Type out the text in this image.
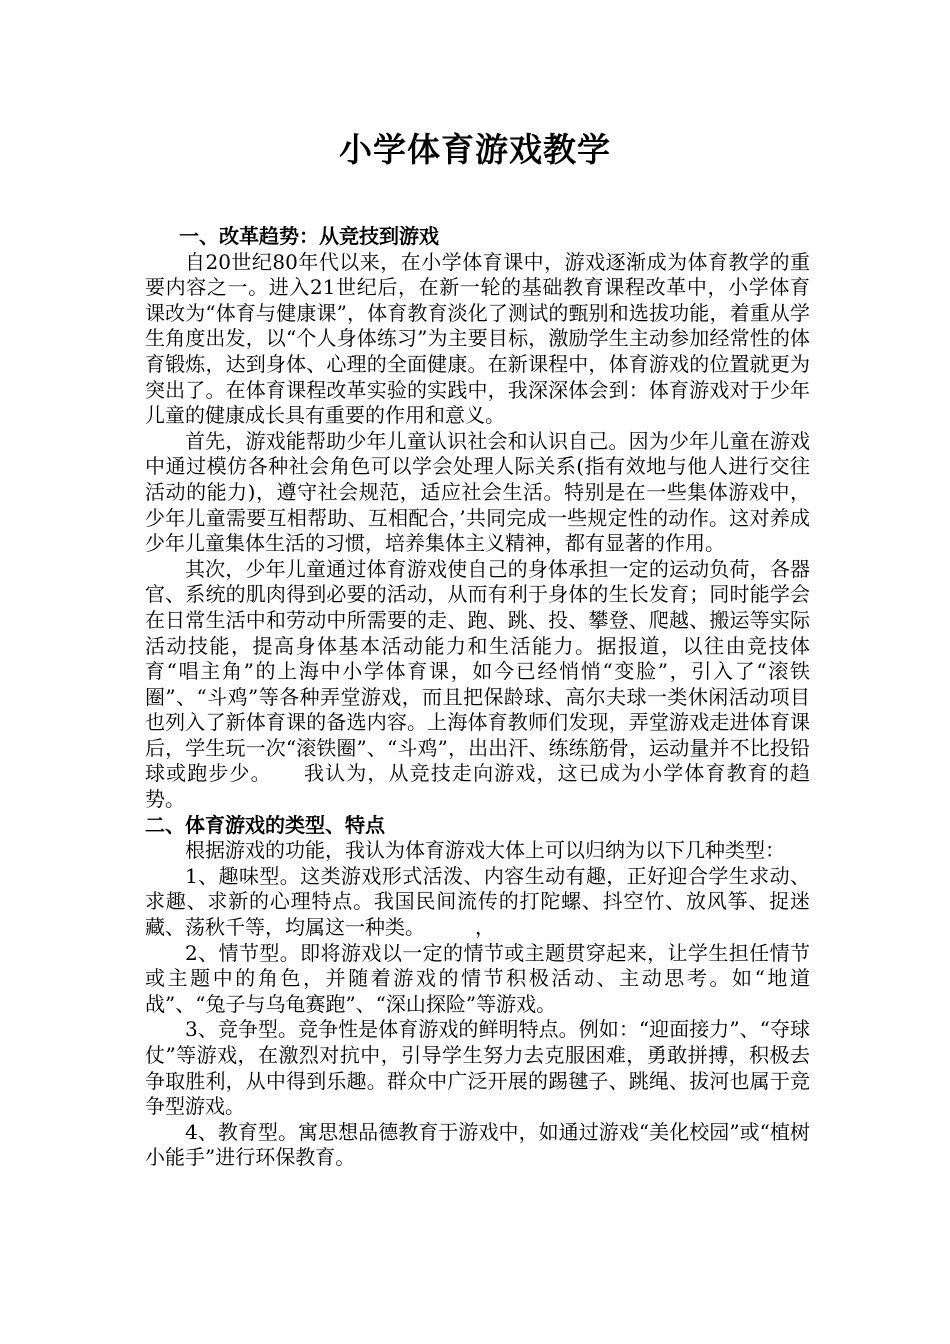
小学体育游戏教学
一、改革趋势：从竞技到游戏

自20世纪80年代以来，在小学体育课中，游戏逐渐成为体育教学的重要内容之一。进入21世纪后，在新一轮的基础教育课程改革中，小学体育课改为“体育与健康课”，体育教育淡化了测试的甄别和选拔功能，着重从学生角度出发，以“个人身体练习”为主要目标，激励学生主动参加经常性的体育锻炼，达到身体、心理的全面健康。在新课程中，体育游戏的位置就更为突出了。在体育课程改革实验的实践中，我深深体会到：体育游戏对于少年儿童的健康成长具有重要的作用和意义。

首先，游戏能帮助少年儿童认识社会和认识自己。因为少年儿童在游戏中通过模仿各种社会角色可以学会处理人际关系(指有效地与他人进行交往活动的能力)，遵守社会规范，适应社会生活。特别是在一些集体游戏中，少年儿童需要互相帮助、互相配合，’共同完成一些规定性的动作。这对养成少年儿童集体生活的习惯，培养集体主义精神，都有显著的作用。

其次，少年儿童通过体育游戏使自己的身体承担一定的运动负荷，各器官、系统的肌肉得到必要的活动，从而有利于身体的生长发育；同时能学会在日常生活中和劳动中所需要的走、跑、跳、投、攀登、爬越、搬运等实际活动技能，提高身体基本活动能力和生活能力。据报道，以往由竞技体育“唱主角”的上海中小学体育课，如今已经悄悄“变脸”，引入了“滚铁圈”、“斗鸡”等各种弄堂游戏，而且把保龄球、高尔夫球一类休闲活动项目也列入了新体育课的备选内容。上海体育教师们发现，弄堂游戏走进体育课后，学生玩一次“滚铁圈”、“斗鸡”，出出汗、练练筋骨，运动量并不比投铅球或跑步少。　　我认为，从竞技走向游戏，这已成为小学体育教育的趋势。

二、体育游戏的类型、特点

根据游戏的功能，我认为体育游戏大体上可以归纳为以下几种类型：

1、趣味型。这类游戏形式活泼、内容生动有趣，正好迎合学生求动、求趣、求新的心理特点。我国民间流传的打陀螺、抖空竹、放风筝、捉迷藏、荡秋千等，均属这一种类。　　　，

2、情节型。即将游戏以一定的情节或主题贯穿起来，让学生担任情节或主题中的角色，并随着游戏的情节积极活动、主动思考。如“地道战”、“兔子与乌龟赛跑”、“深山探险”等游戏。

3、竞争型。竞争性是体育游戏的鲜明特点。例如：“迎面接力”、“夺球仗”等游戏，在激烈对抗中，引导学生努力去克服困难，勇敢拼搏，积极去争取胜利，从中得到乐趣。群众中广泛开展的踢毽子、跳绳、拔河也属于竞争型游戏。

4、教育型。寓思想品德教育于游戏中，如通过游戏“美化校园”或“植树小能手”进行环保教育。
